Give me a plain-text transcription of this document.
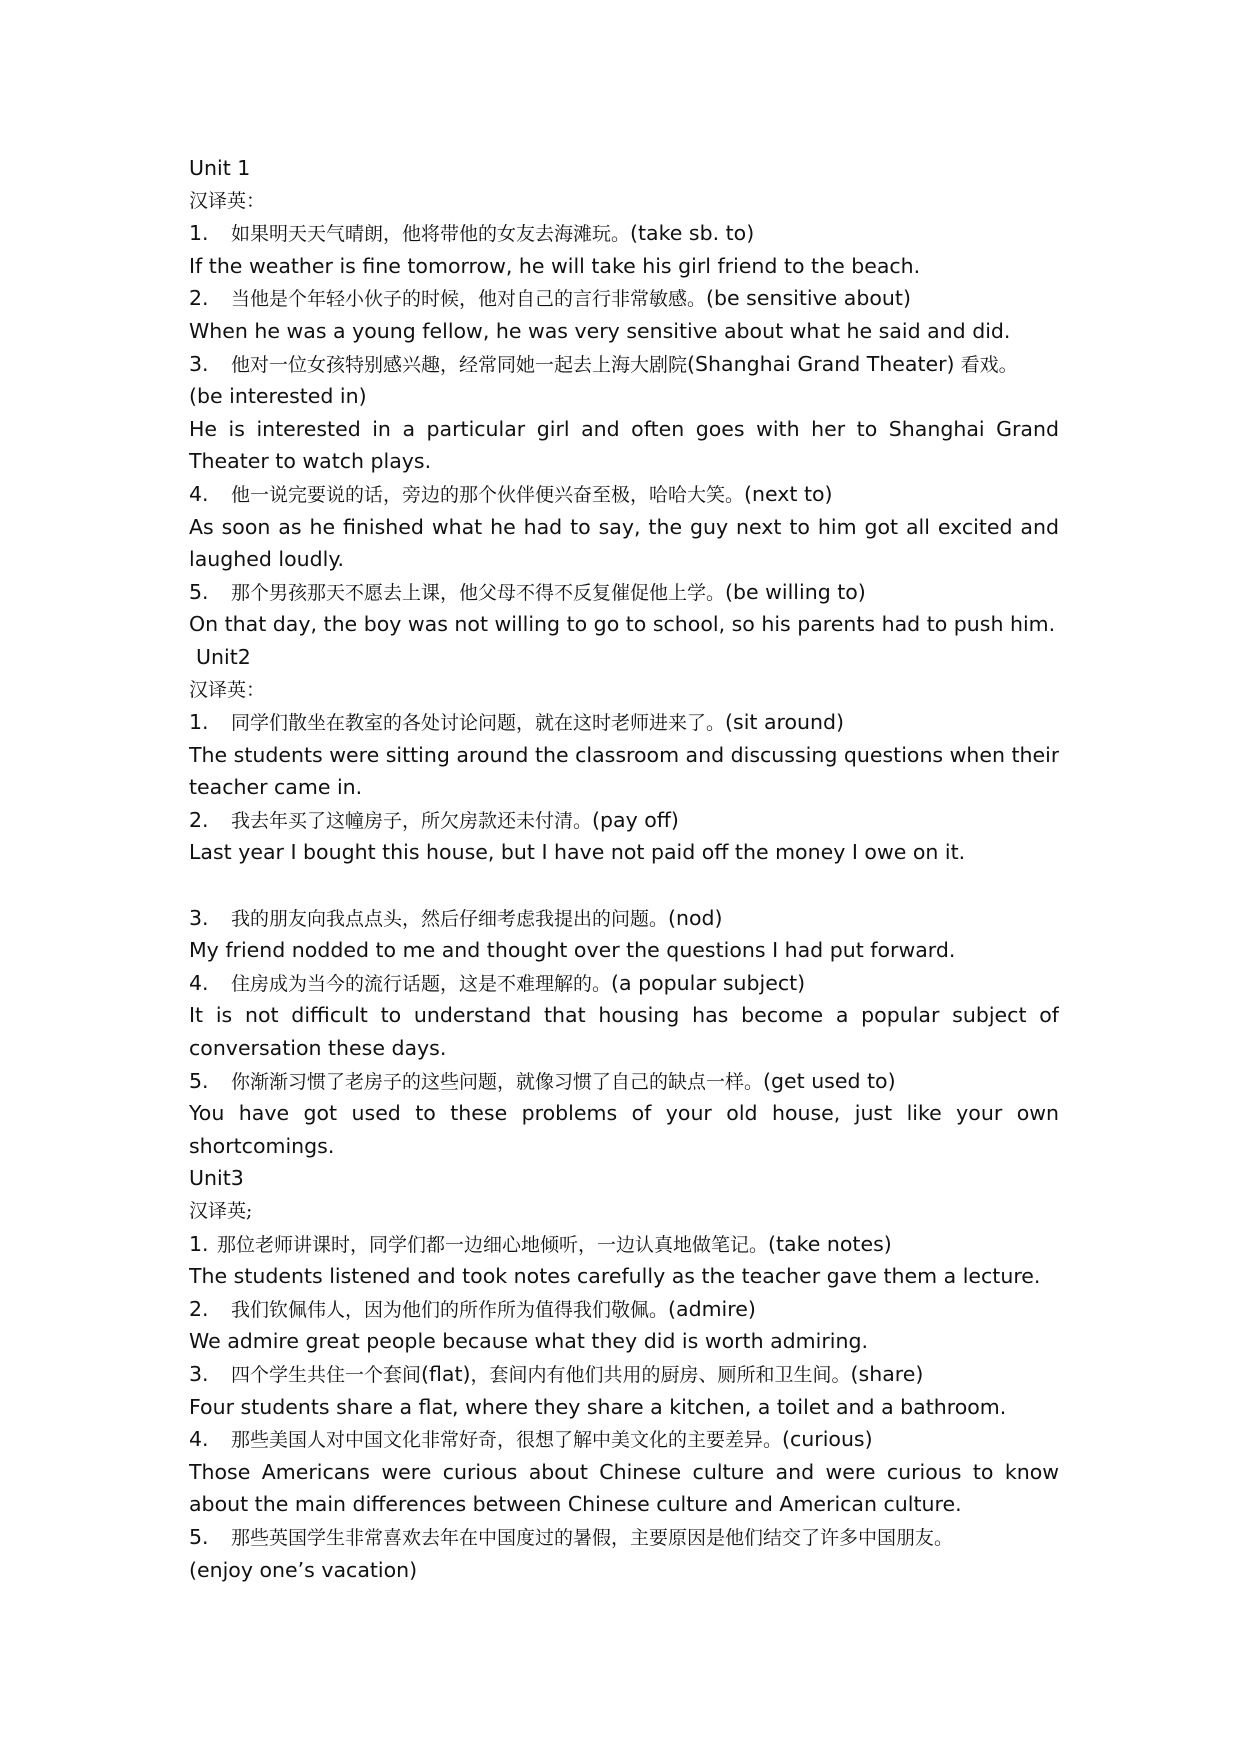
Unit 1
汉译英：
1. 如果明天天气晴朗，他将带他的女友去海滩玩。(take sb. to)
If the weather is fine tomorrow, he will take his girl friend to the beach.
2. 当他是个年轻小伙子的时候，他对自己的言行非常敏感。(be sensitive about)
When he was a young fellow, he was very sensitive about what he said and did.
3. 他对一位女孩特别感兴趣，经常同她一起去上海大剧院(Shanghai Grand Theater) 看戏。
(be interested in)
He is interested in a particular girl and often goes with her to Shanghai Grand
Theater to watch plays.
4. 他一说完要说的话，旁边的那个伙伴便兴奋至极，哈哈大笑。(next to)
As soon as he finished what he had to say, the guy next to him got all excited and
laughed loudly.
5. 那个男孩那天不愿去上课，他父母不得不反复催促他上学。(be willing to)
On that day, the boy was not willing to go to school, so his parents had to push him.
Unit2
汉译英：
1. 同学们散坐在教室的各处讨论问题，就在这时老师进来了。(sit around)
The students were sitting around the classroom and discussing questions when their
teacher came in.
2. 我去年买了这幢房子，所欠房款还未付清。(pay off)
Last year I bought this house, but I have not paid off the money I owe on it.
3. 我的朋友向我点点头，然后仔细考虑我提出的问题。(nod)
My friend nodded to me and thought over the questions I had put forward.
4. 住房成为当今的流行话题，这是不难理解的。(a popular subject)
It is not difficult to understand that housing has become a popular subject of
conversation these days.
5. 你渐渐习惯了老房子的这些问题，就像习惯了自己的缺点一样。(get used to)
You have got used to these problems of your old house, just like your own
shortcomings.
Unit3
汉译英;
1. 那位老师讲课时，同学们都一边细心地倾听，一边认真地做笔记。(take notes)
The students listened and took notes carefully as the teacher gave them a lecture.
2. 我们钦佩伟人，因为他们的所作所为值得我们敬佩。(admire)
We admire great people because what they did is worth admiring.
3. 四个学生共住一个套间(flat)，套间内有他们共用的厨房、厕所和卫生间。(share)
Four students share a flat, where they share a kitchen, a toilet and a bathroom.
4. 那些美国人对中国文化非常好奇，很想了解中美文化的主要差异。(curious)
Those Americans were curious about Chinese culture and were curious to know
about the main differences between Chinese culture and American culture.
5. 那些英国学生非常喜欢去年在中国度过的暑假，主要原因是他们结交了许多中国朋友。
(enjoy one’s vacation)
